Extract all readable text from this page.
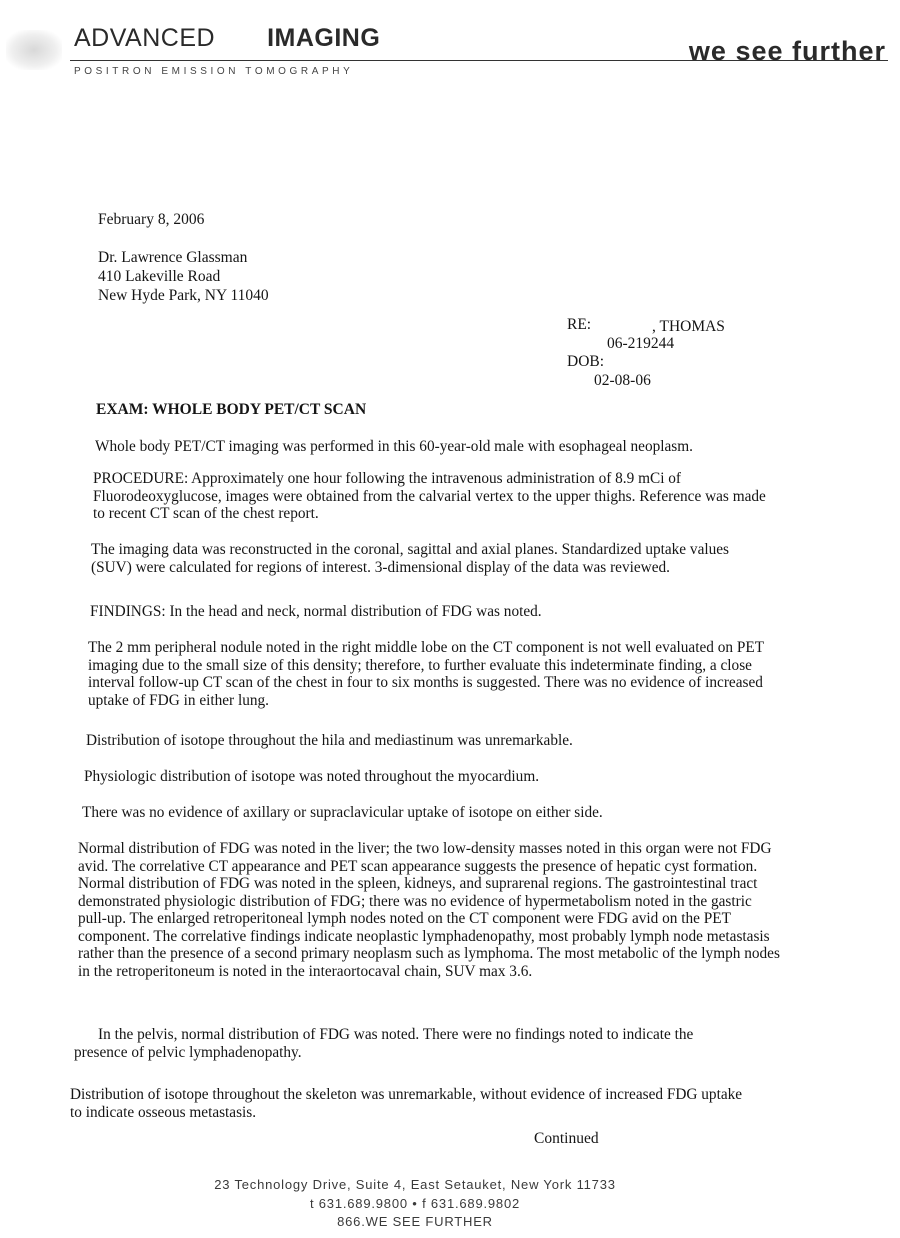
ADVANCED IMAGING
POSITRON EMISSION TOMOGRAPHY
we see further
February 8, 2006
Dr. Lawrence Glassman
410 Lakeville Road
New Hyde Park, NY 11040
RE:	, THOMAS
06-219244
DOB:
02-08-06
EXAM: WHOLE BODY PET/CT SCAN
Whole body PET/CT imaging was performed in this 60-year-old male with esophageal neoplasm.
PROCEDURE: Approximately one hour following the intravenous administration of 8.9 mCi of Fluorodeoxyglucose, images were obtained from the calvarial vertex to the upper thighs. Reference was made to recent CT scan of the chest report.
The imaging data was reconstructed in the coronal, sagittal and axial planes. Standardized uptake values (SUV) were calculated for regions of interest. 3-dimensional display of the data was reviewed.
FINDINGS: In the head and neck, normal distribution of FDG was noted.
The 2 mm peripheral nodule noted in the right middle lobe on the CT component is not well evaluated on PET imaging due to the small size of this density; therefore, to further evaluate this indeterminate finding, a close interval follow-up CT scan of the chest in four to six months is suggested. There was no evidence of increased uptake of FDG in either lung.
Distribution of isotope throughout the hila and mediastinum was unremarkable.
Physiologic distribution of isotope was noted throughout the myocardium.
There was no evidence of axillary or supraclavicular uptake of isotope on either side.
Normal distribution of FDG was noted in the liver; the two low-density masses noted in this organ were not FDG avid. The correlative CT appearance and PET scan appearance suggests the presence of hepatic cyst formation. Normal distribution of FDG was noted in the spleen, kidneys, and suprarenal regions. The gastrointestinal tract demonstrated physiologic distribution of FDG; there was no evidence of hypermetabolism noted in the gastric pull-up. The enlarged retroperitoneal lymph nodes noted on the CT component were FDG avid on the PET component. The correlative findings indicate neoplastic lymphadenopathy, most probably lymph node metastasis rather than the presence of a second primary neoplasm such as lymphoma. The most metabolic of the lymph nodes in the retroperitoneum is noted in the interaortocaval chain, SUV max 3.6.
In the pelvis, normal distribution of FDG was noted. There were no findings noted to indicate the presence of pelvic lymphadenopathy.
Distribution of isotope throughout the skeleton was unremarkable, without evidence of increased FDG uptake to indicate osseous metastasis.
Continued
23 Technology Drive, Suite 4, East Setauket, New York 11733
t 631.689.9800 • f 631.689.9802
866.WE SEE FURTHER
